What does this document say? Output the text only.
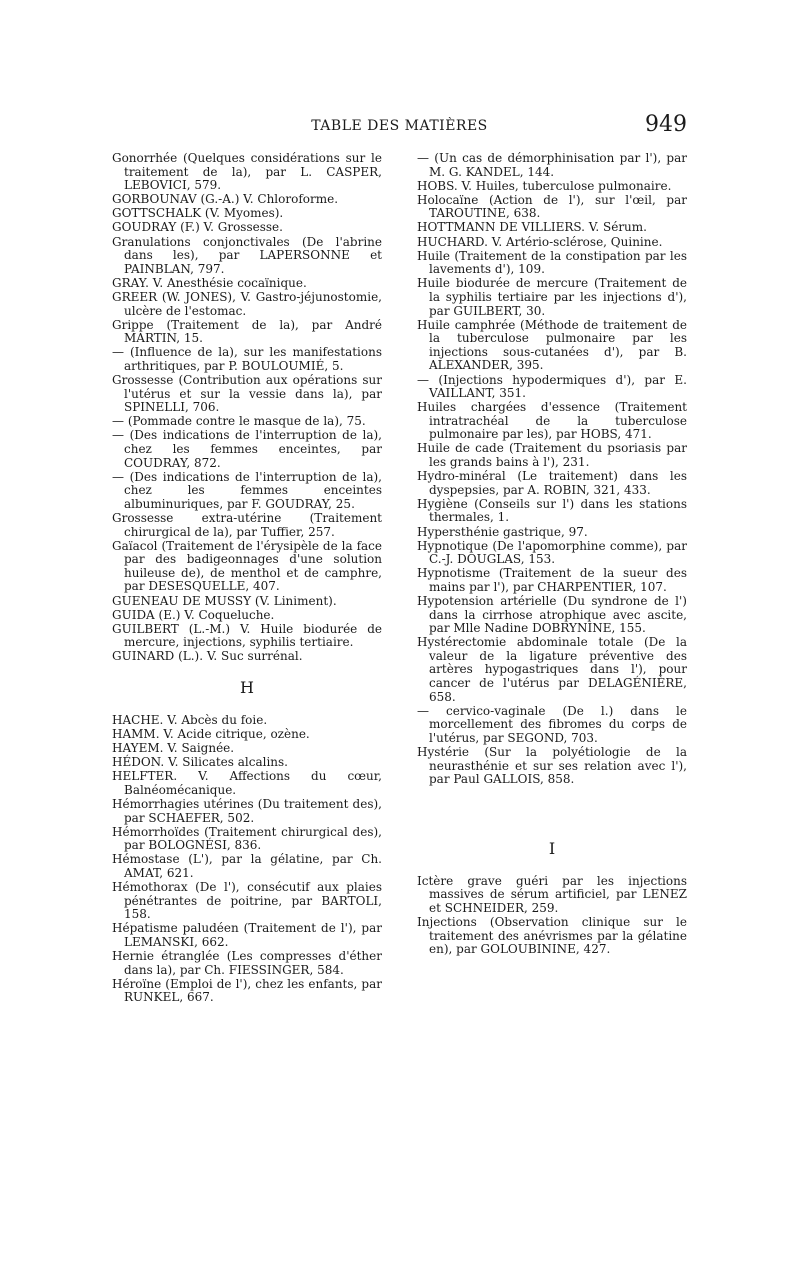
TABLE DES MATIÈRES	949
Gonorrhée (Quelques considérations sur le traitement de la), par L. CASPER, LEBOVICI, 579.
GORBOUNAV (G.-A.) V. Chloroforme.
GOTTSCHALK (V. Myomes).
GOUDRAY (F.) V. Grossesse.
Granulations conjonctivales (De l'abrine dans les), par LAPERSONNE et PAINBLAN, 797.
GRAY. V. Anesthésie cocaïnique.
GREER (W. JONES), V. Gastro-jéjunostomie, ulcère de l'estomac.
Grippe (Traitement de la), par André MARTIN, 15.
— (Influence de la), sur les manifestations arthritiques, par P. BOULOUMIÉ, 5.
Grossesse (Contribution aux opérations sur l'utérus et sur la vessie dans la), par SPINELLI, 706.
— (Pommade contre le masque de la), 75.
— (Des indications de l'interruption de la), chez les femmes enceintes, par COUDRAY, 872.
— (Des indications de l'interruption de la), chez les femmes enceintes albuminuriques, par F. GOUDRAY, 25.
Grossesse extra-utérine (Traitement chirurgical de la), par Tuffier, 257.
Gaïacol (Traitement de l'érysipèle de la face par des badigeonnages d'une solution huileuse de), de menthol et de camphre, par DESESQUELLE, 407.
GUENEAU DE MUSSY (V. Liniment).
GUIDA (E.) V. Coqueluche.
GUILBERT (L.-M.) V. Huile biodurée de mercure, injections, syphilis tertiaire.
GUINARD (L.). V. Suc surrénal.
H
HACHE. V. Abcès du foie.
HAMM. V. Acide citrique, ozène.
HAYEM. V. Saignée.
HÉDON. V. Silicates alcalins.
HELFTER. V. Affections du cœur, Balnéomécanique.
Hémorrhagies utérines (Du traitement des), par SCHAEFER, 502.
Hémorrhoïdes (Traitement chirurgical des), par BOLOGNÉSI, 836.
Hémostase (L'), par la gélatine, par Ch. AMAT, 621.
Hémothorax (De l'), consécutif aux plaies pénétrantes de poitrine, par BARTOLI, 158.
Hépatisme paludéen (Traitement de l'), par LEMANSKI, 662.
Hernie étranglée (Les compresses d'éther dans la), par Ch. FIESSINGER, 584.
Héroïne (Emploi de l'), chez les enfants, par RUNKEL, 667.
— (Un cas de démorphinisation par l'), par M. G. KANDEL, 144.
HOBS. V. Huiles, tuberculose pulmonaire.
Holocaïne (Action de l'), sur l'œil, par TAROUTINE, 638.
HOTTMANN DE VILLIERS. V. Sérum.
HUCHARD. V. Artério-sclérose, Quinine.
Huile (Traitement de la constipation par les lavements d'), 109.
Huile biodurée de mercure (Traitement de la syphilis tertiaire par les injections d'), par GUILBERT, 30.
Huile camphrée (Méthode de traitement de la tuberculose pulmonaire par les injections sous-cutanées d'), par B. ALEXANDER, 395.
— (Injections hypodermiques d'), par E. VAILLANT, 351.
Huiles chargées d'essence (Traitement intratrachéal de la tuberculose pulmonaire par les), par HOBS, 471.
Huile de cade (Traitement du psoriasis par les grands bains à l'), 231.
Hydro-minéral (Le traitement) dans les dyspepsies, par A. ROBIN, 321, 433.
Hygiène (Conseils sur l') dans les stations thermales, 1.
Hypersthénie gastrique, 97.
Hypnotique (De l'apomorphine comme), par C.-J. DOUGLAS, 153.
Hypnotisme (Traitement de la sueur des mains par l'), par CHARPENTIER, 107.
Hypotension artérielle (Du syndrone de l') dans la cirrhose atrophique avec ascite, par Mlle Nadine DOBRYNINE, 155.
Hystérectomie abdominale totale (De la valeur de la ligature préventive des artères hypogastriques dans l'), pour cancer de l'utérus par DELAGÉNIÈRE, 658.
— cervico-vaginale (De l.) dans le morcellement des fibromes du corps de l'utérus, par SEGOND, 703.
Hystérie (Sur la polyétiologie de la neurasthénie et sur ses relation avec l'), par Paul GALLOIS, 858.
I
Ictère grave guéri par les injections massives de sérum artificiel, par LENEZ et SCHNEIDER, 259.
Injections (Observation clinique sur le traitement des anévrismes par la gélatine en), par GOLOUBININE, 427.
